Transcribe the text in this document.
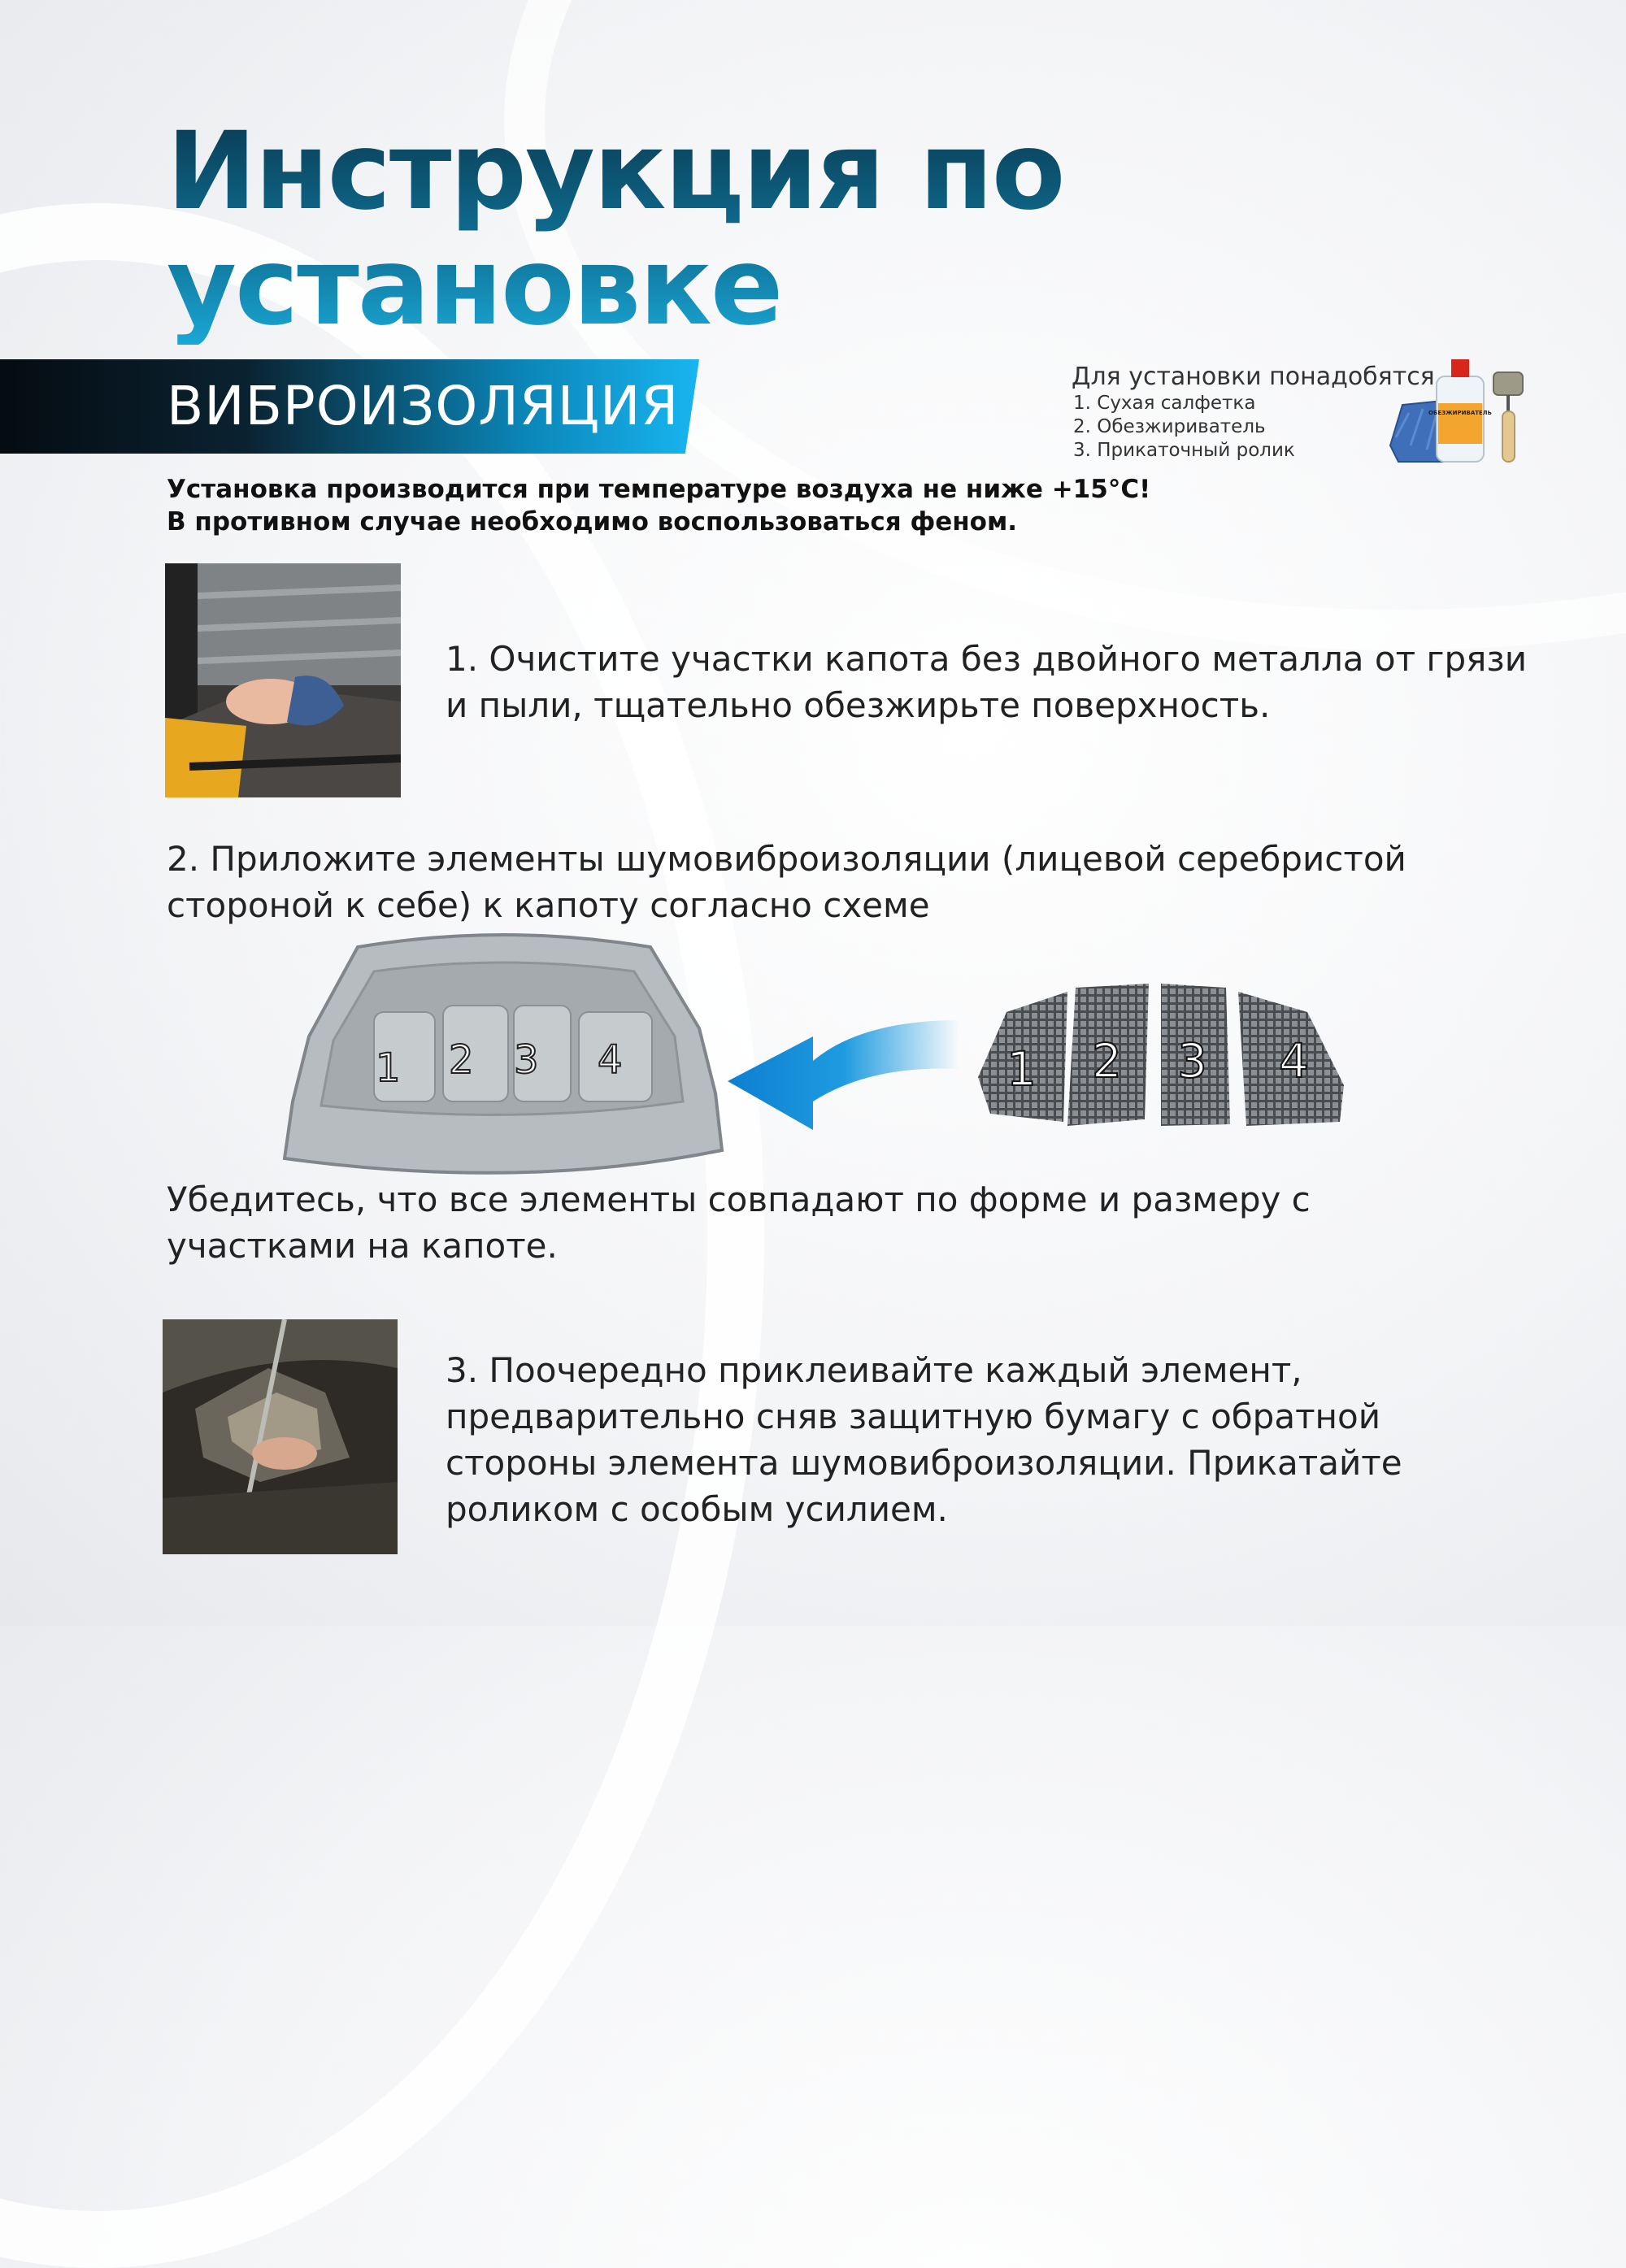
Инструкция по
установке
ВИБРОИЗОЛЯЦИЯ	Для установки понадобятся
1. Сухая салфетка
2. Обезжириватель
3. Прикаточный ролик
ОБЕЗЖИРИВАТЕЛЬ
Установка производится при температуре воздуха не ниже +15°С!
В противном случае необходимо воспользоваться феном.
1. Очистите участки капота без двойного металла от грязи и пыли, тщательно обезжирьте поверхность.
2. Приложите элементы шумовиброизоляции (лицевой серебристой стороной к себе) к капоту согласно схеме
1 2 3 4	1 2 3 4
Убедитесь, что все элементы совпадают по форме и размеру с участками на капоте.
3. Поочередно приклеивайте каждый элемент, предварительно сняв защитную бумагу с обратной стороны элемента шумовиброизоляции. Прикатайте роликом с особым усилием.
